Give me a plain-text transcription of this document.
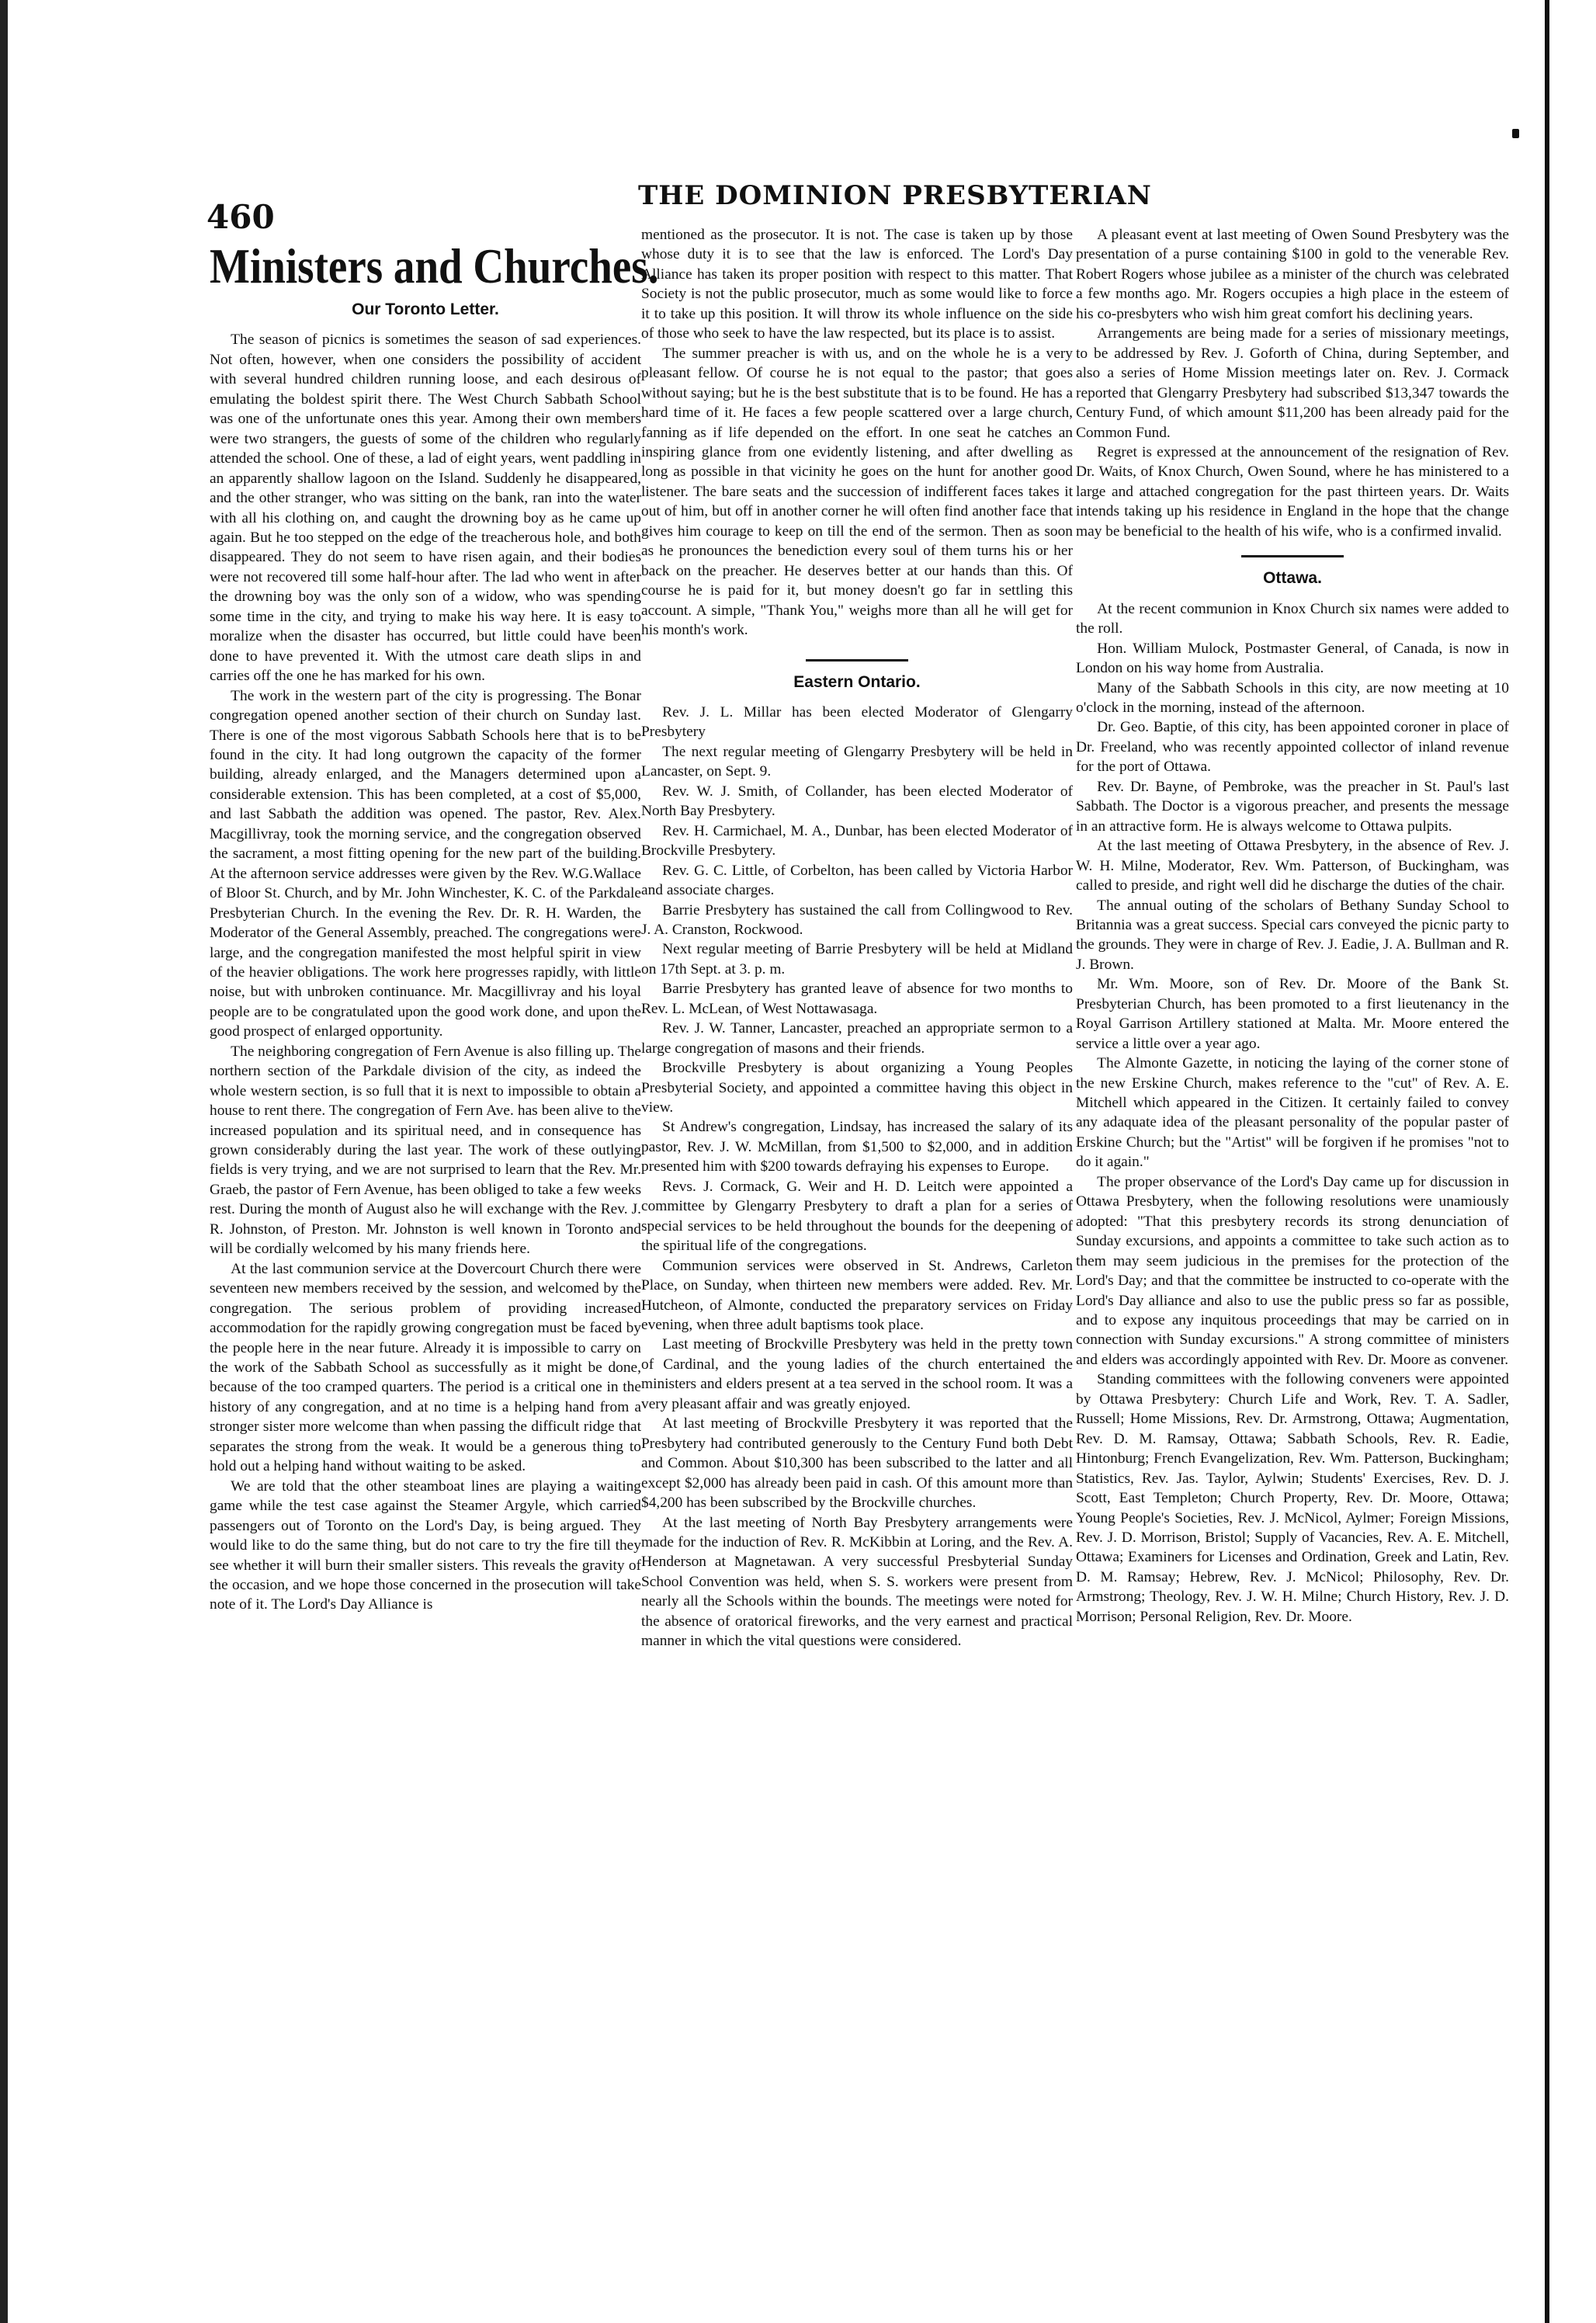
460
THE DOMINION PRESBYTERIAN
Ministers and Churches.
Our Toronto Letter.

The season of picnics is sometimes the season of sad experiences. Not often, however, when one considers the possibility of accident with several hundred children running loose, and each desirous of emulating the boldest spirit there. The West Church Sabbath School was one of the unfortunate ones this year. Among their own members were two strangers, the guests of some of the children who regularly attended the school. One of these, a lad of eight years, went paddling in an apparently shallow lagoon on the Island. Suddenly he disappeared, and the other stranger, who was sitting on the bank, ran into the water with all his clothing on, and caught the drowning boy as he came up again. But he too stepped on the edge of the treacherous hole, and both disappeared. They do not seem to have risen again, and their bodies were not recovered till some half-hour after. The lad who went in after the drowning boy was the only son of a widow, who was spending some time in the city, and trying to make his way here. It is easy to moralize when the disaster has occurred, but little could have been done to have prevented it. With the utmost care death slips in and carries off the one he has marked for his own.

The work in the western part of the city is progressing. The Bonar congregation opened another section of their church on Sunday last. There is one of the most vigorous Sabbath Schools here that is to be found in the city. It had long outgrown the capacity of the former building, already enlarged, and the Managers determined upon a considerable extension. This has been completed, at a cost of $5,000, and last Sabbath the addition was opened. The pastor, Rev. Alex. Macgillivray, took the morning service, and the congregation observed the sacrament, a most fitting opening for the new part of the building. At the afternoon service addresses were given by the Rev. W.G.Wallace of Bloor St. Church, and by Mr. John Winchester, K. C. of the Parkdale Presbyterian Church. In the evening the Rev. Dr. R. H. Warden, the Moderator of the General Assembly, preached. The congregations were large, and the congregation manifested the most helpful spirit in view of the heavier obligations. The work here progresses rapidly, with little noise, but with unbroken continuance. Mr. Macgillivray and his loyal people are to be congratulated upon the good work done, and upon the good prospect of enlarged opportunity.

The neighboring congregation of Fern Avenue is also filling up. The northern section of the Parkdale division of the city, as indeed the whole western section, is so full that it is next to impossible to obtain a house to rent there. The congregation of Fern Ave. has been alive to the increased population and its spiritual need, and in consequence has grown considerably during the last year. The work of these outlying fields is very trying, and we are not surprised to learn that the Rev. Mr. Graeb, the pastor of Fern Avenue, has been obliged to take a few weeks rest. During the month of August also he will exchange with the Rev. J. R. Johnston, of Preston. Mr. Johnston is well known in Toronto and will be cordially welcomed by his many friends here.

At the last communion service at the Dovercourt Church there were seventeen new members received by the session, and welcomed by the congregation. The serious problem of providing increased accommodation for the rapidly growing congregation must be faced by the people here in the near future. Already it is impossible to carry on the work of the Sabbath School as successfully as it might be done, because of the too cramped quarters. The period is a critical one in the history of any congregation, and at no time is a helping hand from a stronger sister more welcome than when passing the difficult ridge that separates the strong from the weak. It would be a generous thing to hold out a helping hand without waiting to be asked.

We are told that the other steamboat lines are playing a waiting game while the test case against the Steamer Argyle, which carried passengers out of Toronto on the Lord's Day, is being argued. They would like to do the same thing, but do not care to try the fire till they see whether it will burn their smaller sisters. This reveals the gravity of the occasion, and we hope those concerned in the prosecution will take note of it. The Lord's Day Alliance is

mentioned as the prosecutor. It is not. The case is taken up by those whose duty it is to see that the law is enforced. The Lord's Day Alliance has taken its proper position with respect to this matter. That Society is not the public prosecutor, much as some would like to force it to take up this position. It will throw its whole influence on the side of those who seek to have the law respected, but its place is to assist.

The summer preacher is with us, and on the whole he is a very pleasant fellow. Of course he is not equal to the pastor; that goes without saying; but he is the best substitute that is to be found. He has a hard time of it. He faces a few people scattered over a large church, fanning as if life depended on the effort. In one seat he catches an inspiring glance from one evidently listening, and after dwelling as long as possible in that vicinity he goes on the hunt for another good listener. The bare seats and the succession of indifferent faces takes it out of him, but off in another corner he will often find another face that gives him courage to keep on till the end of the sermon. Then as soon as he pronounces the benediction every soul of them turns his or her back on the preacher. He deserves better at our hands than this. Of course he is paid for it, but money doesn't go far in settling this account. A simple, "Thank You," weighs more than all he will get for his month's work.

Eastern Ontario.

Rev. J. L. Millar has been elected Moderator of Glengarry Presbytery

The next regular meeting of Glengarry Presbytery will be held in Lancaster, on Sept. 9.

Rev. W. J. Smith, of Collander, has been elected Moderator of North Bay Presbytery.

Rev. H. Carmichael, M. A., Dunbar, has been elected Moderator of Brockville Presbytery.

Rev. G. C. Little, of Corbelton, has been called by Victoria Harbor and associate charges.

Barrie Presbytery has sustained the call from Collingwood to Rev. J. A. Cranston, Rockwood.

Next regular meeting of Barrie Presbytery will be held at Midland on 17th Sept. at 3. p. m.

Barrie Presbytery has granted leave of absence for two months to Rev. L. McLean, of West Nottawasaga.

Rev. J. W. Tanner, Lancaster, preached an appropriate sermon to a large congregation of masons and their friends.

Brockville Presbytery is about organizing a Young Peoples Presbyterial Society, and appointed a committee having this object in view.

St Andrew's congregation, Lindsay, has increased the salary of its pastor, Rev. J. W. McMillan, from $1,500 to $2,000, and in addition presented him with $200 towards defraying his expenses to Europe.

Revs. J. Cormack, G. Weir and H. D. Leitch were appointed a committee by Glengarry Presbytery to draft a plan for a series of special services to be held throughout the bounds for the deepening of the spiritual life of the congregations.

Communion services were observed in St. Andrews, Carleton Place, on Sunday, when thirteen new members were added. Rev. Mr. Hutcheon, of Almonte, conducted the preparatory services on Friday evening, when three adult baptisms took place.

Last meeting of Brockville Presbytery was held in the pretty town of Cardinal, and the young ladies of the church entertained the ministers and elders present at a tea served in the school room. It was a very pleasant affair and was greatly enjoyed.

At last meeting of Brockville Presbytery it was reported that the Presbytery had contributed generously to the Century Fund both Debt and Common. About $10,300 has been subscribed to the latter and all except $2,000 has already been paid in cash. Of this amount more than $4,200 has been subscribed by the Brockville churches.

At the last meeting of North Bay Presbytery arrangements were made for the induction of Rev. R. McKibbin at Loring, and the Rev. A. Henderson at Magnetawan. A very successful Presbyterial Sunday School Convention was held, when S. S. workers were present from nearly all the Schools within the bounds. The meetings were noted for the absence of oratorical fireworks, and the very earnest and practical manner in which the vital questions were considered.

A pleasant event at last meeting of Owen Sound Presbytery was the presentation of a purse containing $100 in gold to the venerable Rev. Robert Rogers whose jubilee as a minister of the church was celebrated a few months ago. Mr. Rogers occupies a high place in the esteem of his co-presbyters who wish him great comfort his declining years.

Arrangements are being made for a series of missionary meetings, to be addressed by Rev. J. Goforth of China, during September, and also a series of Home Mission meetings later on. Rev. J. Cormack reported that Glengarry Presbytery had subscribed $13,347 towards the Century Fund, of which amount $11,200 has been already paid for the Common Fund.

Regret is expressed at the announcement of the resignation of Rev. Dr. Waits, of Knox Church, Owen Sound, where he has ministered to a large and attached congregation for the past thirteen years. Dr. Waits intends taking up his residence in England in the hope that the change may be beneficial to the health of his wife, who is a confirmed invalid.

Ottawa.

At the recent communion in Knox Church six names were added to the roll.

Hon. William Mulock, Postmaster General, of Canada, is now in London on his way home from Australia.

Many of the Sabbath Schools in this city, are now meeting at 10 o'clock in the morning, instead of the afternoon.

Dr. Geo. Baptie, of this city, has been appointed coroner in place of Dr. Freeland, who was recently appointed collector of inland revenue for the port of Ottawa.

Rev. Dr. Bayne, of Pembroke, was the preacher in St. Paul's last Sabbath. The Doctor is a vigorous preacher, and presents the message in an attractive form. He is always welcome to Ottawa pulpits.

At the last meeting of Ottawa Presbytery, in the absence of Rev. J. W. H. Milne, Moderator, Rev. Wm. Patterson, of Buckingham, was called to preside, and right well did he discharge the duties of the chair.

The annual outing of the scholars of Bethany Sunday School to Britannia was a great success. Special cars conveyed the picnic party to the grounds. They were in charge of Rev. J. Eadie, J. A. Bullman and R. J. Brown.

Mr. Wm. Moore, son of Rev. Dr. Moore of the Bank St. Presbyterian Church, has been promoted to a first lieutenancy in the Royal Garrison Artillery stationed at Malta. Mr. Moore entered the service a little over a year ago.

The Almonte Gazette, in noticing the laying of the corner stone of the new Erskine Church, makes reference to the "cut" of Rev. A. E. Mitchell which appeared in the Citizen. It certainly failed to convey any adaquate idea of the pleasant personality of the popular paster of Erskine Church; but the "Artist" will be forgiven if he promises "not to do it again."

The proper observance of the Lord's Day came up for discussion in Ottawa Presbytery, when the following resolutions were unamiously adopted: "That this presbytery records its strong denunciation of Sunday excursions, and appoints a committee to take such action as to them may seem judicious in the premises for the protection of the Lord's Day; and that the committee be instructed to co-operate with the Lord's Day alliance and also to use the public press so far as possible, and to expose any inquitous proceedings that may be carried on in connection with Sunday excursions." A strong committee of ministers and elders was accordingly appointed with Rev. Dr. Moore as convener.

Standing committees with the following conveners were appointed by Ottawa Presbytery: Church Life and Work, Rev. T. A. Sadler, Russell; Home Missions, Rev. Dr. Armstrong, Ottawa; Augmentation, Rev. D. M. Ramsay, Ottawa; Sabbath Schools, Rev. R. Eadie, Hintonburg; French Evangelization, Rev. Wm. Patterson, Buckingham; Statistics, Rev. Jas. Taylor, Aylwin; Students' Exercises, Rev. D. J. Scott, East Templeton; Church Property, Rev. Dr. Moore, Ottawa; Young People's Societies, Rev. J. McNicol, Aylmer; Foreign Missions, Rev. J. D. Morrison, Bristol; Supply of Vacancies, Rev. A. E. Mitchell, Ottawa; Examiners for Licenses and Ordination, Greek and Latin, Rev. D. M. Ramsay; Hebrew, Rev. J. McNicol; Philosophy, Rev. Dr. Armstrong; Theology, Rev. J. W. H. Milne; Church History, Rev. J. D. Morrison; Personal Religion, Rev. Dr. Moore.
